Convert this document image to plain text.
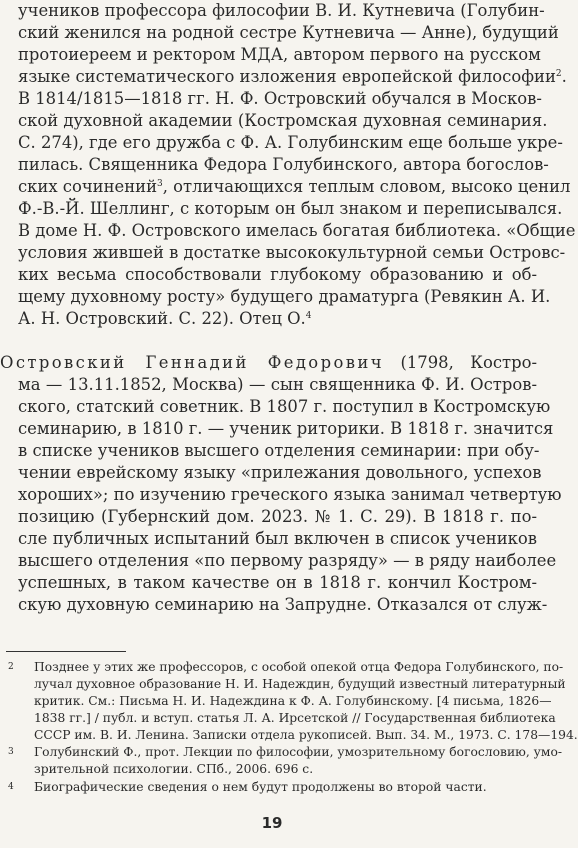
учеников профессора философии В. И. Кутневича (Голубин-
ский женился на родной сестре Кутневича — Анне), будущий
протоиереем и ректором МДА, автором первого на русском
языке систематического изложения европейской философии$^2$.
В 1814/1815—1818 гг. Н. Ф. Островский обучался в Москов-
ской духовной академии (Костромская духовная семинария.
С. 274), где его дружба с Ф. А. Голубинским еще больше укре-
пилась. Священника Федора Голубинского, автора богослов-
ских сочинений$^3$, отличающихся теплым словом, высоко ценил
Ф.-В.-Й. Шеллинг, с которым он был знаком и переписывался.
В доме Н. Ф. Островского имелась богатая библиотека. «Общие
условия жившей в достатке высококультурной семьи Островс-
ких весьма способствовали глубокому образованию и об-
щему духовному росту» будущего драматурга (Ревякин А. И.
А. Н. Островский. С. 22). Отец О.$^4$
Островский Геннадий Федорович (1798, Костро-
ма — 13.11.1852, Москва) — сын священника Ф. И. Остров-
ского, статский советник. В 1807 г. поступил в Костромскую
семинарию, в 1810 г. — ученик риторики. В 1818 г. значится
в списке учеников высшего отделения семинарии: при обу-
чении еврейскому языку «прилежания довольного, успехов
хороших»; по изучению греческого языка занимал четвертую
позицию (Губернский дом. 2023. № 1. С. 29). В 1818 г. по-
сле публичных испытаний был включен в список учеников
высшего отделения «по первому разряду» — в ряду наиболее
успешных, в таком качестве он в 1818 г. кончил Костром-
скую духовную семинарию на Запрудне. Отказался от служ-
2 Позднее у этих же профессоров, с особой опекой отца Федора Голубинского, по-
лучал духовное образование Н. И. Надеждин, будущий известный литературный
критик. См.: Письма Н. И. Надеждина к Ф. А. Голубинскому. [4 письма, 1826—
1838 гг.] / публ. и вступ. статья Л. А. Ирсетской // Государственная библиотека
СССР им. В. И. Ленина. Записки отдела рукописей. Вып. 34. М., 1973. С. 178—194.
3 Голубинский Ф., прот. Лекции по философии, умозрительному богословию, умо-
зрительной психологии. СПб., 2006. 696 с.
4 Биографические сведения о нем будут продолжены во второй части.
19
